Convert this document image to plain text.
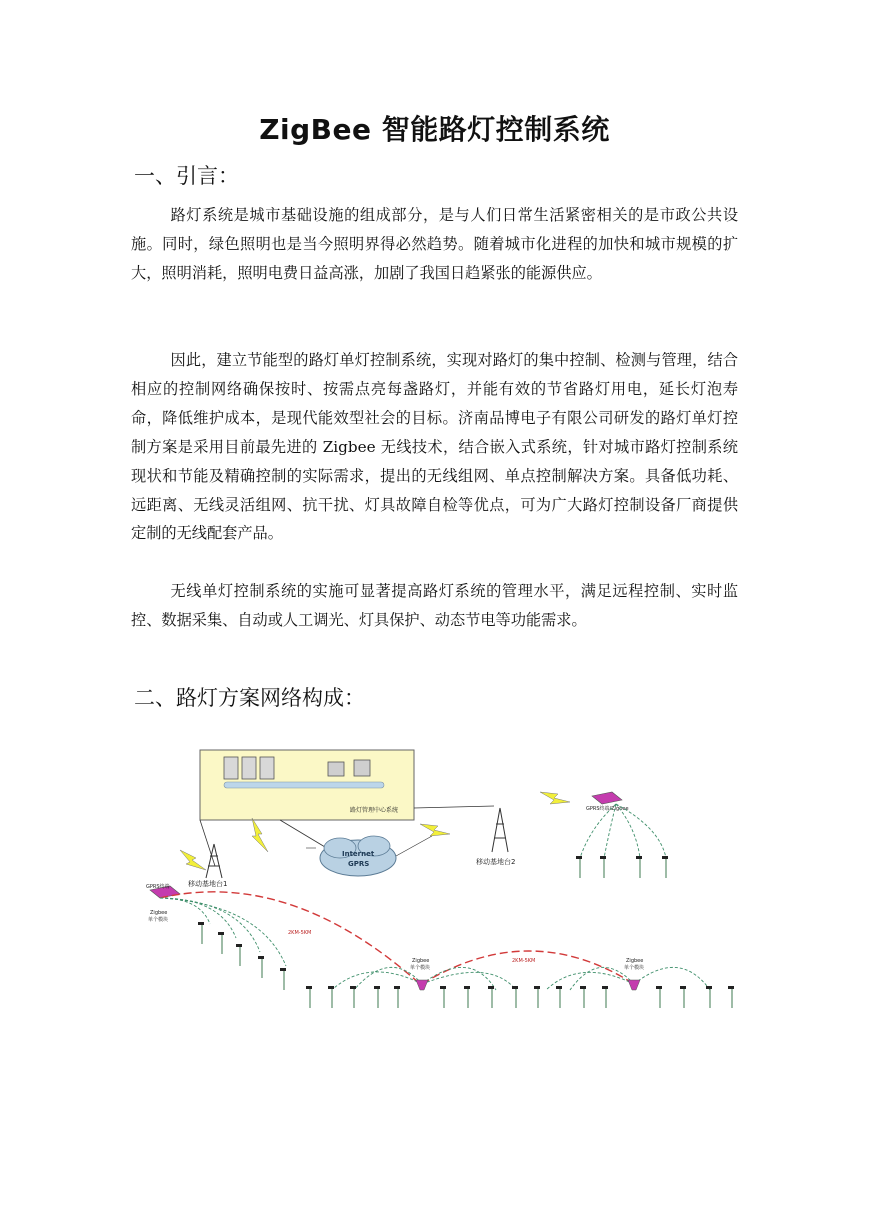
ZigBee 智能路灯控制系统
一、引言：

路灯系统是城市基础设施的组成部分，是与人们日常生活紧密相关的是市政公共设施。同时，绿色照明也是当今照明界得必然趋势。随着城市化进程的加快和城市规模的扩大，照明消耗，照明电费日益高涨，加剧了我国日趋紧张的能源供应。

因此，建立节能型的路灯单灯控制系统，实现对路灯的集中控制、检测与管理，结合相应的控制网络确保按时、按需点亮每盏路灯，并能有效的节省路灯用电，延长灯泡寿命，降低维护成本，是现代能效型社会的目标。济南品博电子有限公司研发的路灯单灯控制方案是采用目前最先进的 Zigbee 无线技术，结合嵌入式系统，针对城市路灯控制系统现状和节能及精确控制的实际需求，提出的无线组网、单点控制解决方案。具备低功耗、远距离、无线灵活组网、抗干扰、灯具故障自检等优点，可为广大路灯控制设备厂商提供定制的无线配套产品。

无线单灯控制系统的实施可显著提高路灯系统的管理水平，满足远程控制、实时监控、数据采集、自动或人工调光、灯具保护、动态节电等功能需求。

二、路灯方案网络构成：
路灯管理中心系统
Internet
GPRS
移动基地台1
移动基地台2
GPRS终端
GPRS终端/Zigbee
Zigbee
单个模块
Zigbee
单个模块
Zigbee
单个模块
2KM-5KM
2KM-5KM
